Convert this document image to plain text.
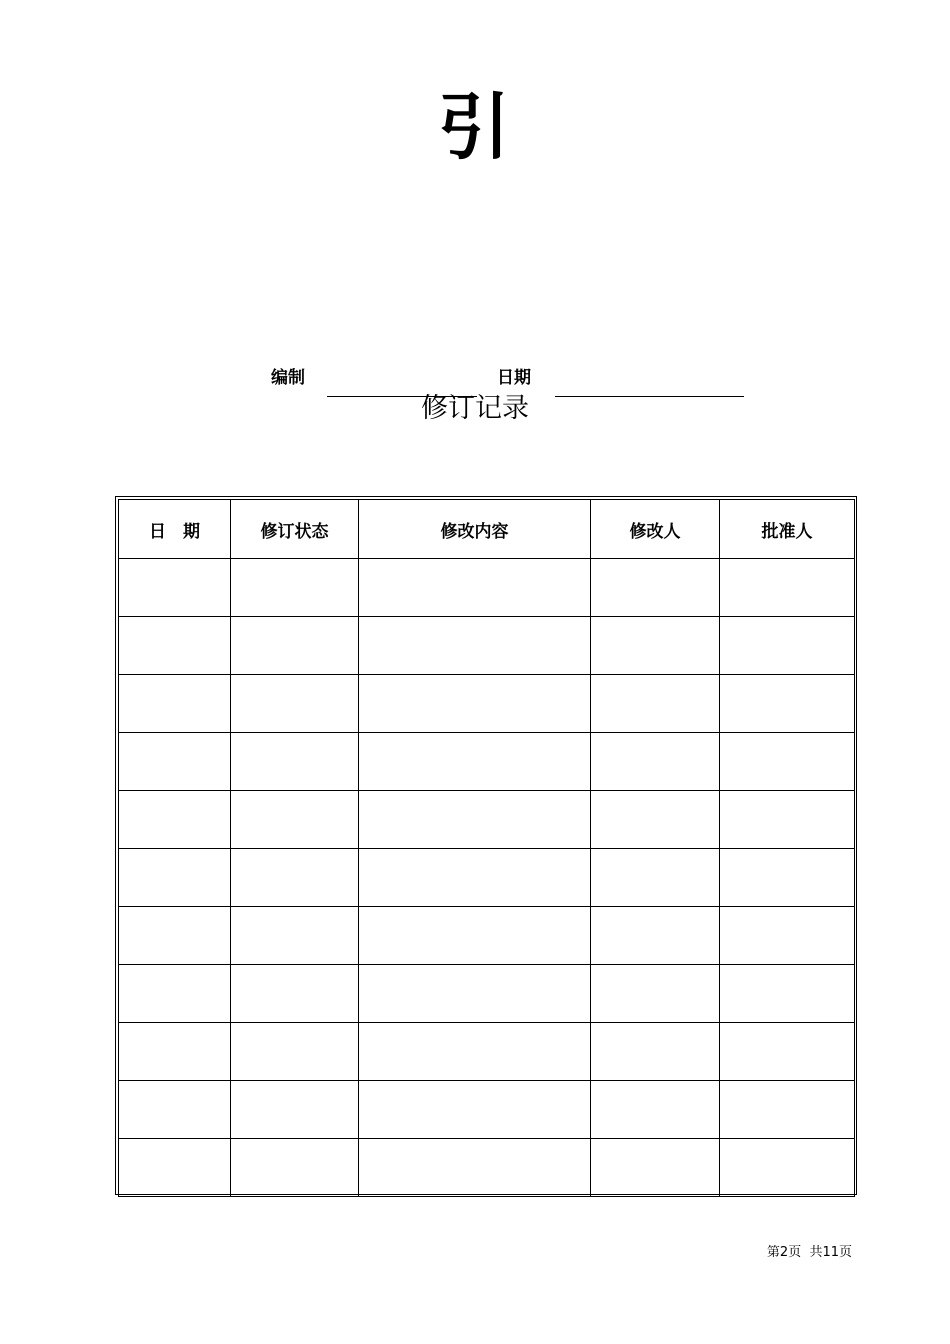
引
编制	日期
修订记录
日　期	修订状态	修改内容	修改人	批准人

第2页  共11页
